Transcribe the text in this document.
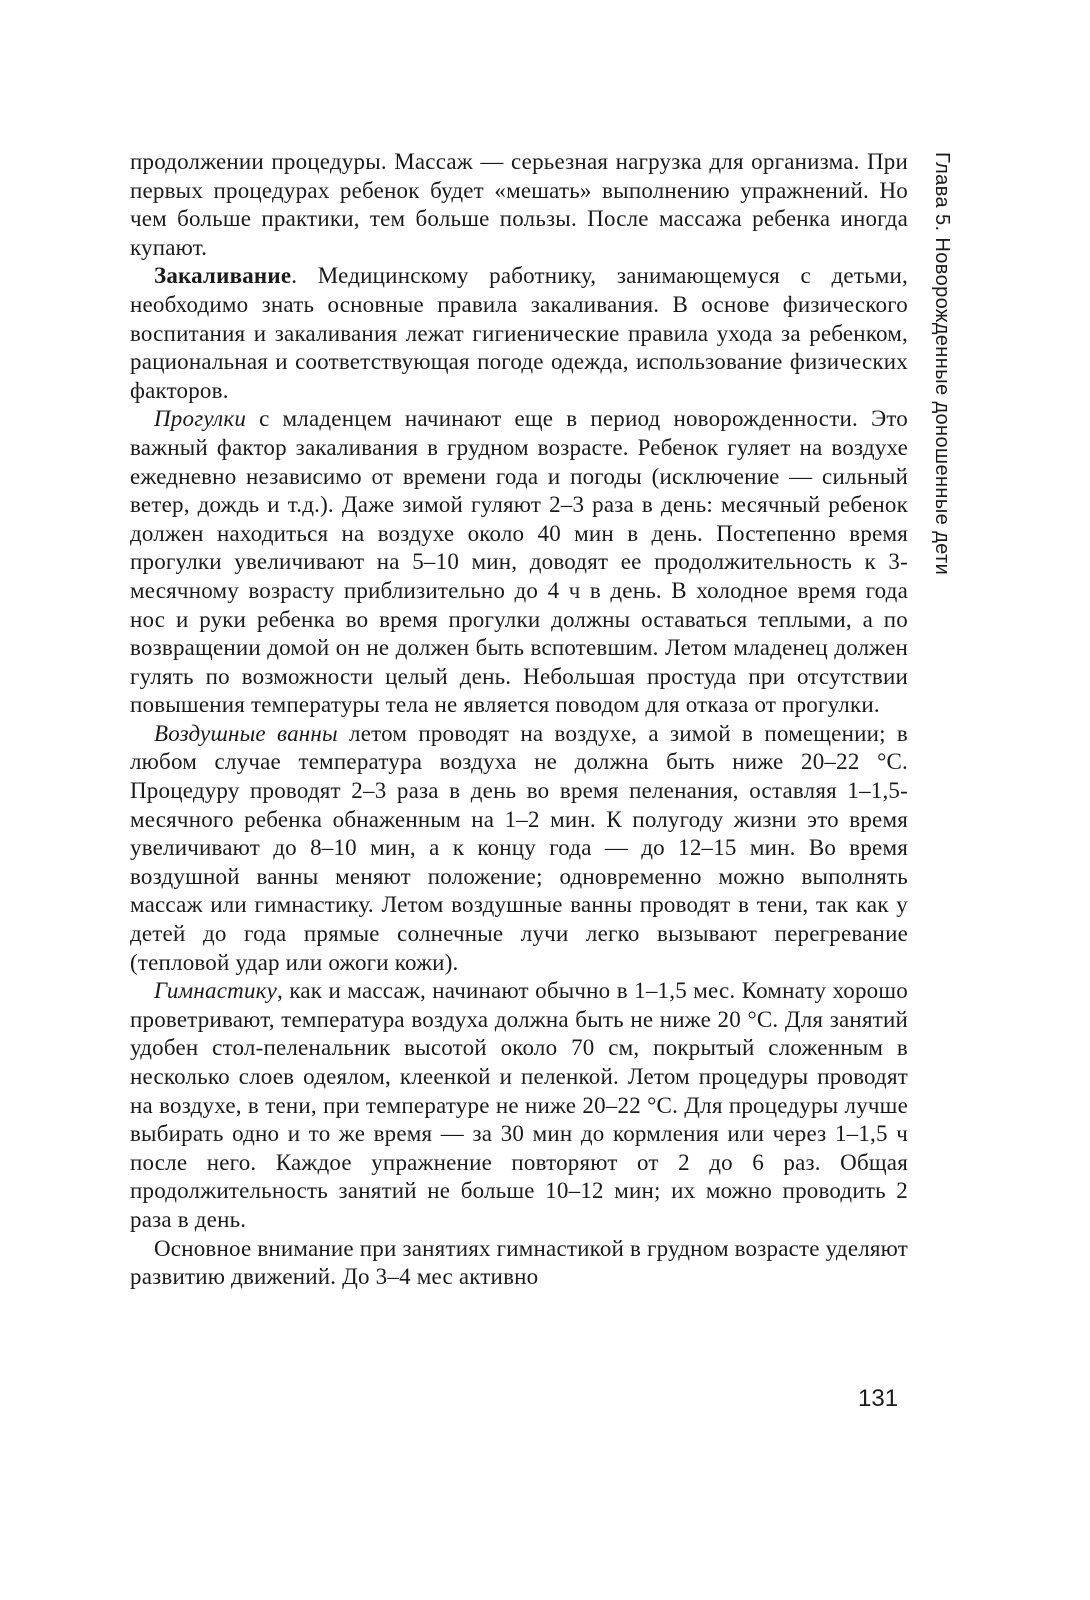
Глава 5. Новорожденные доношенные дети

продолжении процедуры. Массаж — серьезная нагрузка для организма. При первых процедурах ребенок будет «мешать» выполнению упражнений. Но чем больше практики, тем больше пользы. После массажа ребенка иногда купают.

Закаливание. Медицинскому работнику, занимающемуся с детьми, необходимо знать основные правила закаливания. В основе физического воспитания и закаливания лежат гигиенические правила ухода за ребенком, рациональная и соответствующая погоде одежда, использование физических факторов.

Прогулки с младенцем начинают еще в период новорожденности. Это важный фактор закаливания в грудном возрасте. Ребенок гуляет на воздухе ежедневно независимо от времени года и погоды (исключение — сильный ветер, дождь и т.д.). Даже зимой гуляют 2–3 раза в день: месячный ребенок должен находиться на воздухе около 40 мин в день. Постепенно время прогулки увеличивают на 5–10 мин, доводят ее продолжительность к 3-месячному возрасту приблизительно до 4 ч в день. В холодное время года нос и руки ребенка во время прогулки должны оставаться теплыми, а по возвращении домой он не должен быть вспотевшим. Летом младенец должен гулять по возможности целый день. Небольшая простуда при отсутствии повышения температуры тела не является поводом для отказа от прогулки.

Воздушные ванны летом проводят на воздухе, а зимой в помещении; в любом случае температура воздуха не должна быть ниже 20–22 °С. Процедуру проводят 2–3 раза в день во время пеленания, оставляя 1–1,5-месячного ребенка обнаженным на 1–2 мин. К полугоду жизни это время увеличивают до 8–10 мин, а к концу года — до 12–15 мин. Во время воздушной ванны меняют положение; одновременно можно выполнять массаж или гимнастику. Летом воздушные ванны проводят в тени, так как у детей до года прямые солнечные лучи легко вызывают перегревание (тепловой удар или ожоги кожи).

Гимнастику, как и массаж, начинают обычно в 1–1,5 мес. Комнату хорошо проветривают, температура воздуха должна быть не ниже 20 °С. Для занятий удобен стол-пеленальник высотой около 70 см, покрытый сложенным в несколько слоев одеялом, клеенкой и пеленкой. Летом процедуры проводят на воздухе, в тени, при температуре не ниже 20–22 °С. Для процедуры лучше выбирать одно и то же время — за 30 мин до кормления или через 1–1,5 ч после него. Каждое упражнение повторяют от 2 до 6 раз. Общая продолжительность занятий не больше 10–12 мин; их можно проводить 2 раза в день.

Основное внимание при занятиях гимнастикой в грудном возрасте уделяют развитию движений. До 3–4 мес активно

131
